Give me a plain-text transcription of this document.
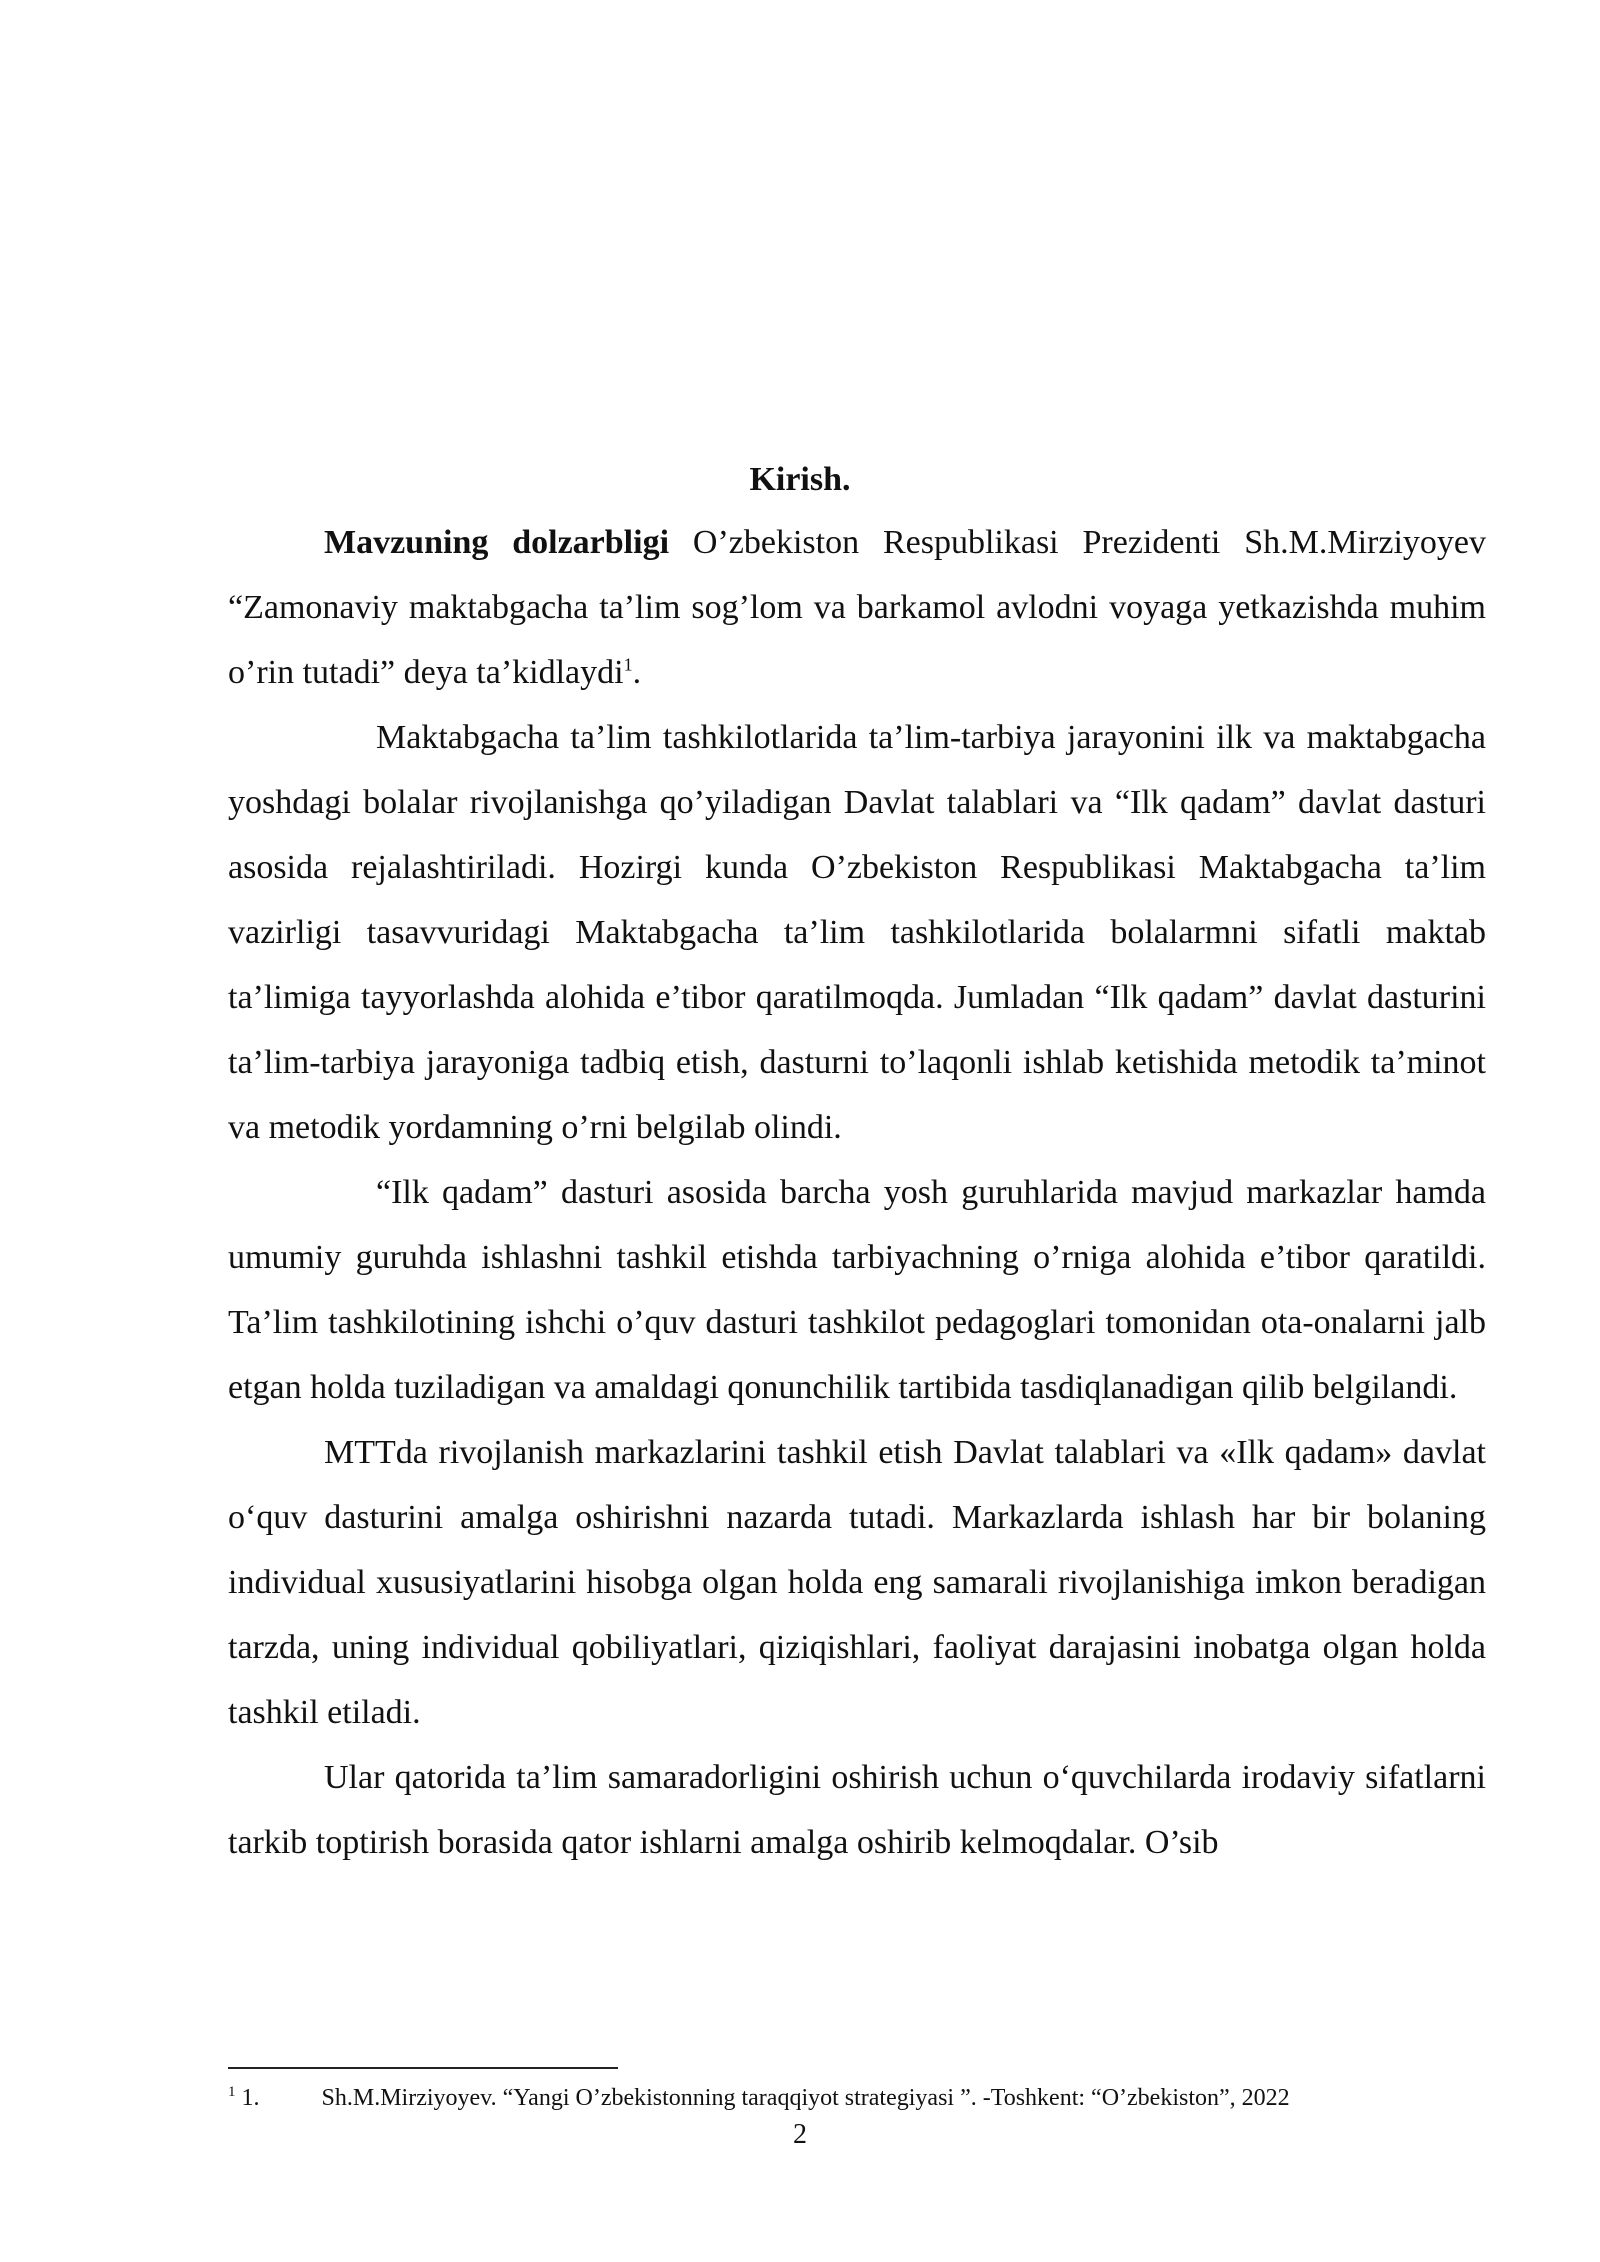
Kirish.

Mavzuning dolzarbligi O’zbekiston Respublikasi Prezidenti Sh.M.Mirziyoyev “Zamonaviy maktabgacha ta’lim sog’lom va barkamol avlodni voyaga yetkazishda muhim o’rin tutadi” deya ta’kidlaydi$^1$.

Maktabgacha ta’lim tashkilotlarida ta’lim-tarbiya jarayonini ilk va maktabgacha yoshdagi bolalar rivojlanishga qo’yiladigan Davlat talablari va “Ilk qadam” davlat dasturi asosida rejalashtiriladi. Hozirgi kunda O’zbekiston Respublikasi Maktabgacha ta’lim vazirligi tasavvuridagi Maktabgacha ta’lim tashkilotlarida bolalarmni sifatli maktab ta’limiga tayyorlashda alohida e’tibor qaratilmoqda. Jumladan “Ilk qadam” davlat dasturini ta’lim-tarbiya jarayoniga tadbiq etish, dasturni to’laqonli ishlab ketishida metodik ta’minot va metodik yordamning o’rni belgilab olindi.

“Ilk qadam” dasturi asosida barcha yosh guruhlarida mavjud markazlar hamda umumiy guruhda ishlashni tashkil etishda tarbiyachning o’rniga alohida e’tibor qaratildi. Ta’lim tashkilotining ishchi o’quv dasturi tashkilot pedagoglari tomonidan ota-onalarni jalb etgan holda tuziladigan va amaldagi qonunchilik tartibida tasdiqlanadigan qilib belgilandi.

MTTda rivojlanish markazlarini tashkil etish Davlat talablari va «Ilk qadam» davlat o‘quv dasturini amalga oshirishni nazarda tutadi. Markazlarda ishlash har bir bolaning individual xususiyatlarini hisobga olgan holda eng samarali rivojlanishiga imkon beradigan tarzda, uning individual qobiliyatlari, qiziqishlari, faoliyat darajasini inobatga olgan holda tashkil etiladi.

Ular qatorida ta’lim samaradorligini oshirish uchun o‘quvchilarda irodaviy sifatlarni tarkib toptirish borasida qator ishlarni amalga oshirib kelmoqdalar. O’sib

$^1$ 1.	Sh.M.Mirziyoyev. “Yangi O’zbekistonning taraqqiyot strategiyasi ”. -Toshkent: “O’zbekiston”, 2022
2
